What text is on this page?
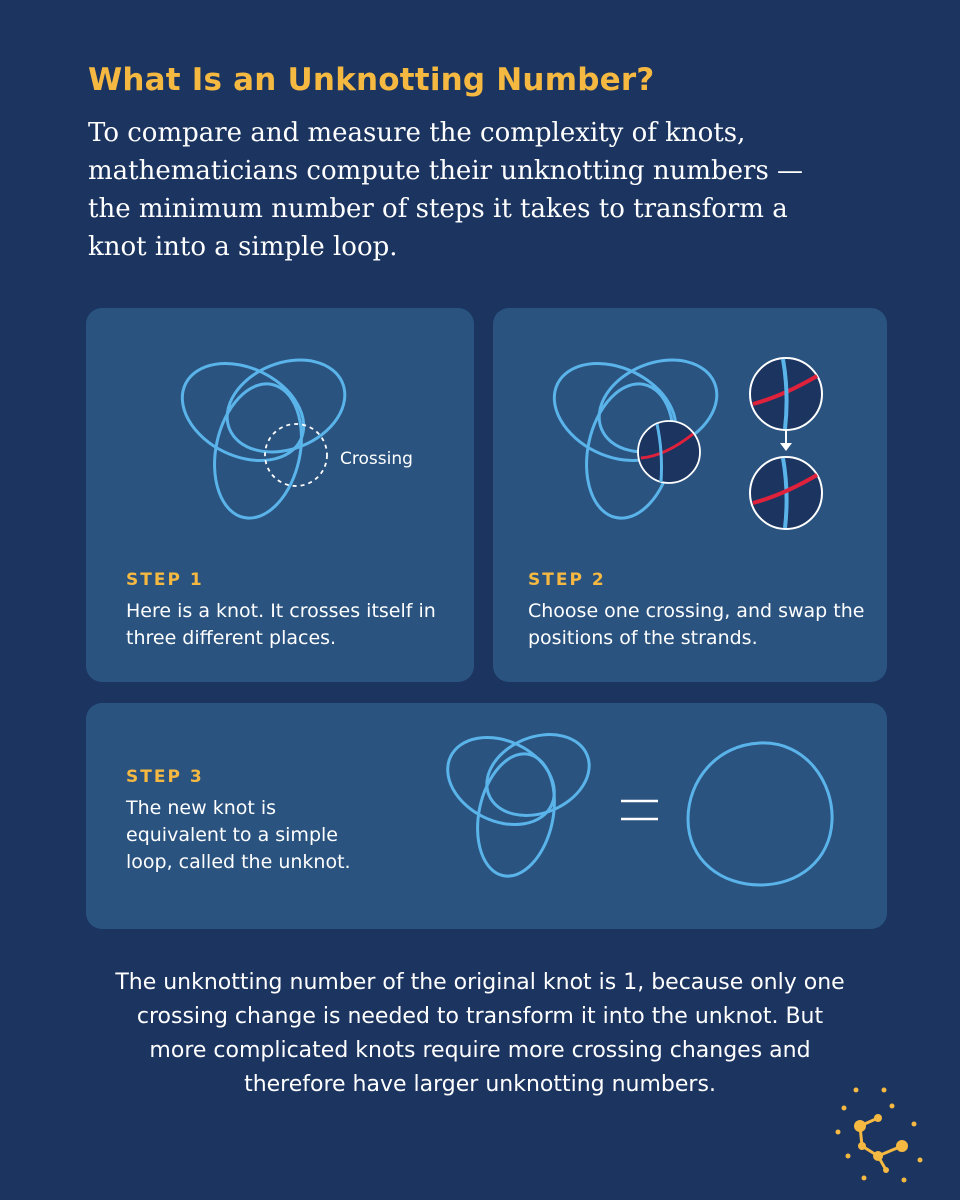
What Is an Unknotting Number?
To compare and measure the complexity of knots, mathematicians compute their unknotting numbers — the minimum number of steps it takes to transform a knot into a simple loop.
Crossing
STEP 1
Here is a knot. It crosses itself in three different places.
STEP 2
Choose one crossing, and swap the positions of the strands.
STEP 3
The new knot is equivalent to a simple loop, called the unknot.
The unknotting number of the original knot is 1, because only one crossing change is needed to transform it into the unknot. But more complicated knots require more crossing changes and therefore have larger unknotting numbers.
